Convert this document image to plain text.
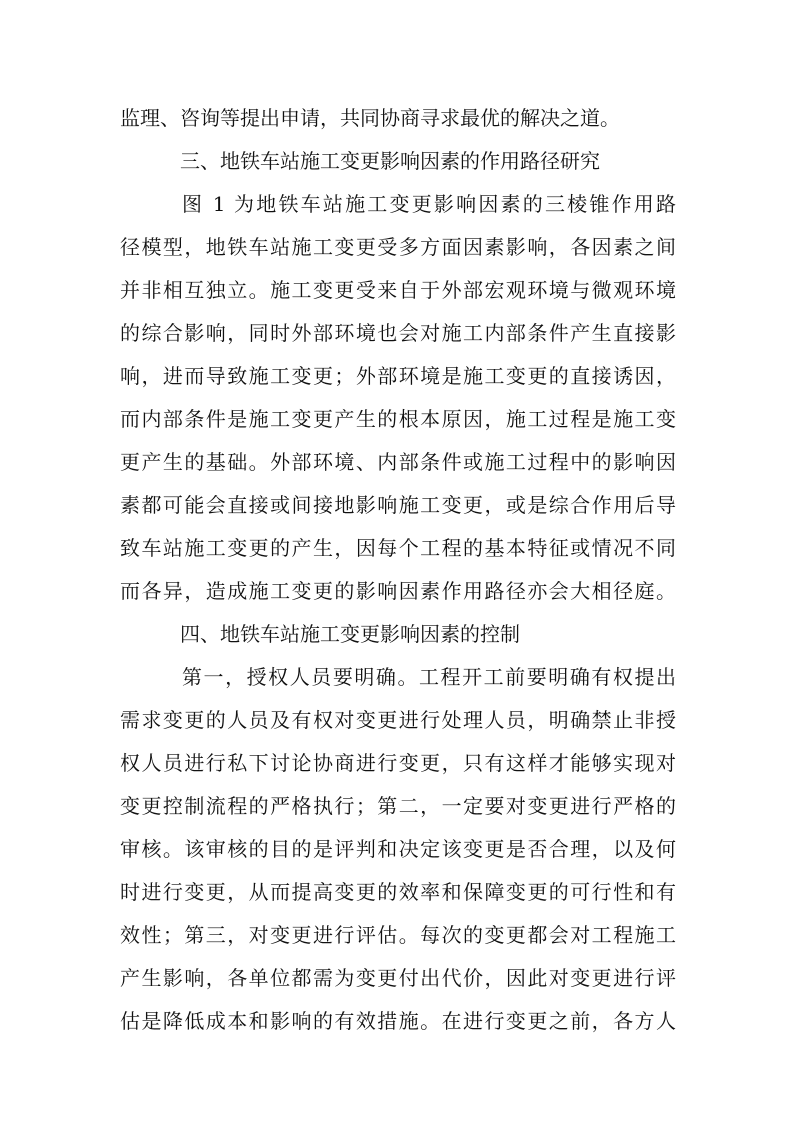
监理、咨询等提出申请，共同协商寻求最优的解决之道。
三、地铁车站施工变更影响因素的作用路径研究
图 1 为地铁车站施工变更影响因素的三棱锥作用路
径模型，地铁车站施工变更受多方面因素影响，各因素之间
并非相互独立。施工变更受来自于外部宏观环境与微观环境
的综合影响，同时外部环境也会对施工内部条件产生直接影
响，进而导致施工变更；外部环境是施工变更的直接诱因，
而内部条件是施工变更产生的根本原因，施工过程是施工变
更产生的基础。外部环境、内部条件或施工过程中的影响因
素都可能会直接或间接地影响施工变更，或是综合作用后导
致车站施工变更的产生，因每个工程的基本特征或情况不同
而各异，造成施工变更的影响因素作用路径亦会大相径庭。
四、地铁车站施工变更影响因素的控制
第一，授权人员要明确。工程开工前要明确有权提出
需求变更的人员及有权对变更进行处理人员，明确禁止非授
权人员进行私下讨论协商进行变更，只有这样才能够实现对
变更控制流程的严格执行；第二，一定要对变更进行严格的
审核。该审核的目的是评判和决定该变更是否合理，以及何
时进行变更，从而提高变更的效率和保障变更的可行性和有
效性；第三，对变更进行评估。每次的变更都会对工程施工
产生影响，各单位都需为变更付出代价，因此对变更进行评
估是降低成本和影响的有效措施。在进行变更之前，各方人
